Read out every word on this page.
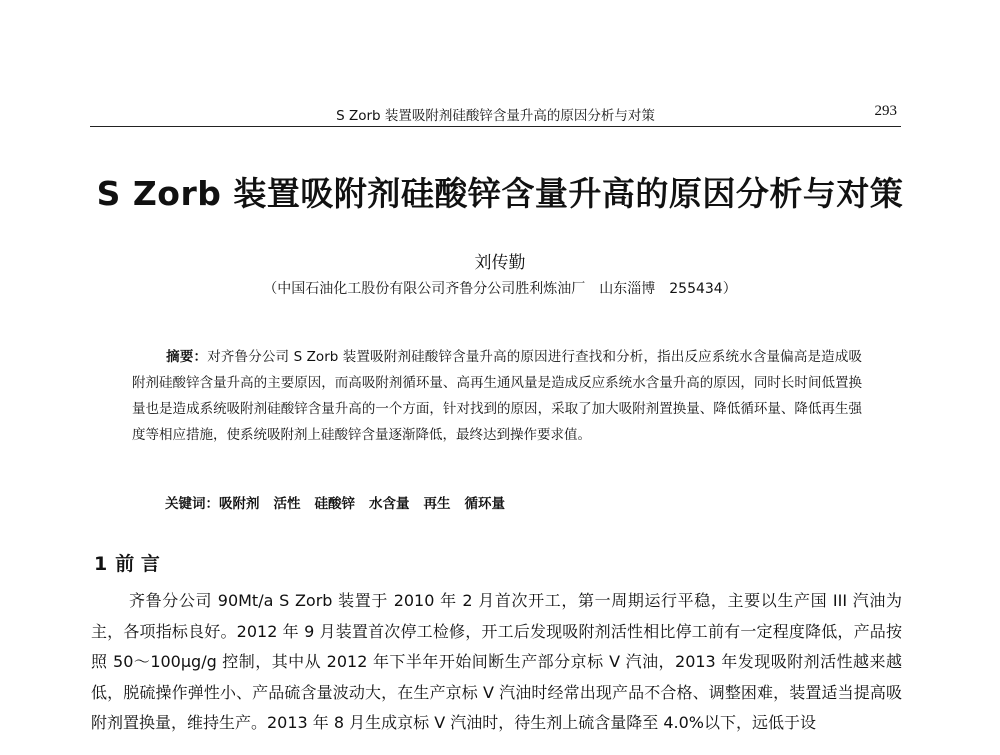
S Zorb 装置吸附剂硅酸锌含量升高的原因分析与对策	293
S Zorb 装置吸附剂硅酸锌含量升高的原因分析与对策
刘传勤
（中国石油化工股份有限公司齐鲁分公司胜利炼油厂　山东淄博　255434）
摘要：对齐鲁分公司 S Zorb 装置吸附剂硅酸锌含量升高的原因进行查找和分析，指出反应系统水含量偏高是造成吸附剂硅酸锌含量升高的主要原因，而高吸附剂循环量、高再生通风量是造成反应系统水含量升高的原因，同时长时间低置换量也是造成系统吸附剂硅酸锌含量升高的一个方面，针对找到的原因，采取了加大吸附剂置换量、降低循环量、降低再生强度等相应措施，使系统吸附剂上硅酸锌含量逐渐降低，最终达到操作要求值。
关键词：吸附剂 活性 硅酸锌 水含量 再生 循环量
1 前 言

齐鲁分公司 90Mt/a S Zorb 装置于 2010 年 2 月首次开工，第一周期运行平稳，主要以生产国 III 汽油为主，各项指标良好。2012 年 9 月装置首次停工检修，开工后发现吸附剂活性相比停工前有一定程度降低，产品按照 50～100μg/g 控制，其中从 2012 年下半年开始间断生产部分京标 V 汽油，2013 年发现吸附剂活性越来越低，脱硫操作弹性小、产品硫含量波动大，在生产京标 V 汽油时经常出现产品不合格、调整困难，装置适当提高吸附剂置换量，维持生产。2013 年 8 月生成京标 V 汽油时，待生剂上硫含量降至 4.0%以下，远低于设
